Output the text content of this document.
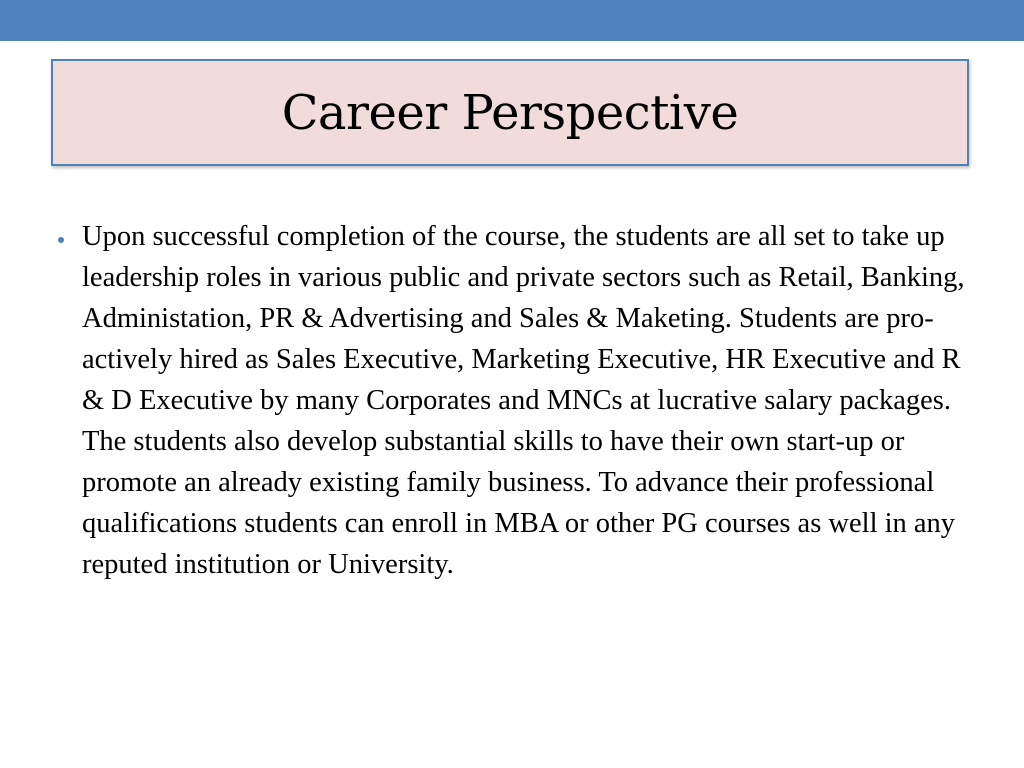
Career Perspective

Upon successful completion of the course, the students are all set to take up leadership roles in various public and private sectors such as Retail, Banking, Administation, PR & Advertising and Sales & Maketing. Students are pro-actively hired as Sales Executive, Marketing Executive, HR Executive and R & D Executive by many Corporates and MNCs at lucrative salary packages. The students also develop substantial skills to have their own start-up or promote an already existing family business. To advance their professional qualifications students can enroll in MBA or other PG courses as well in any reputed institution or University.
